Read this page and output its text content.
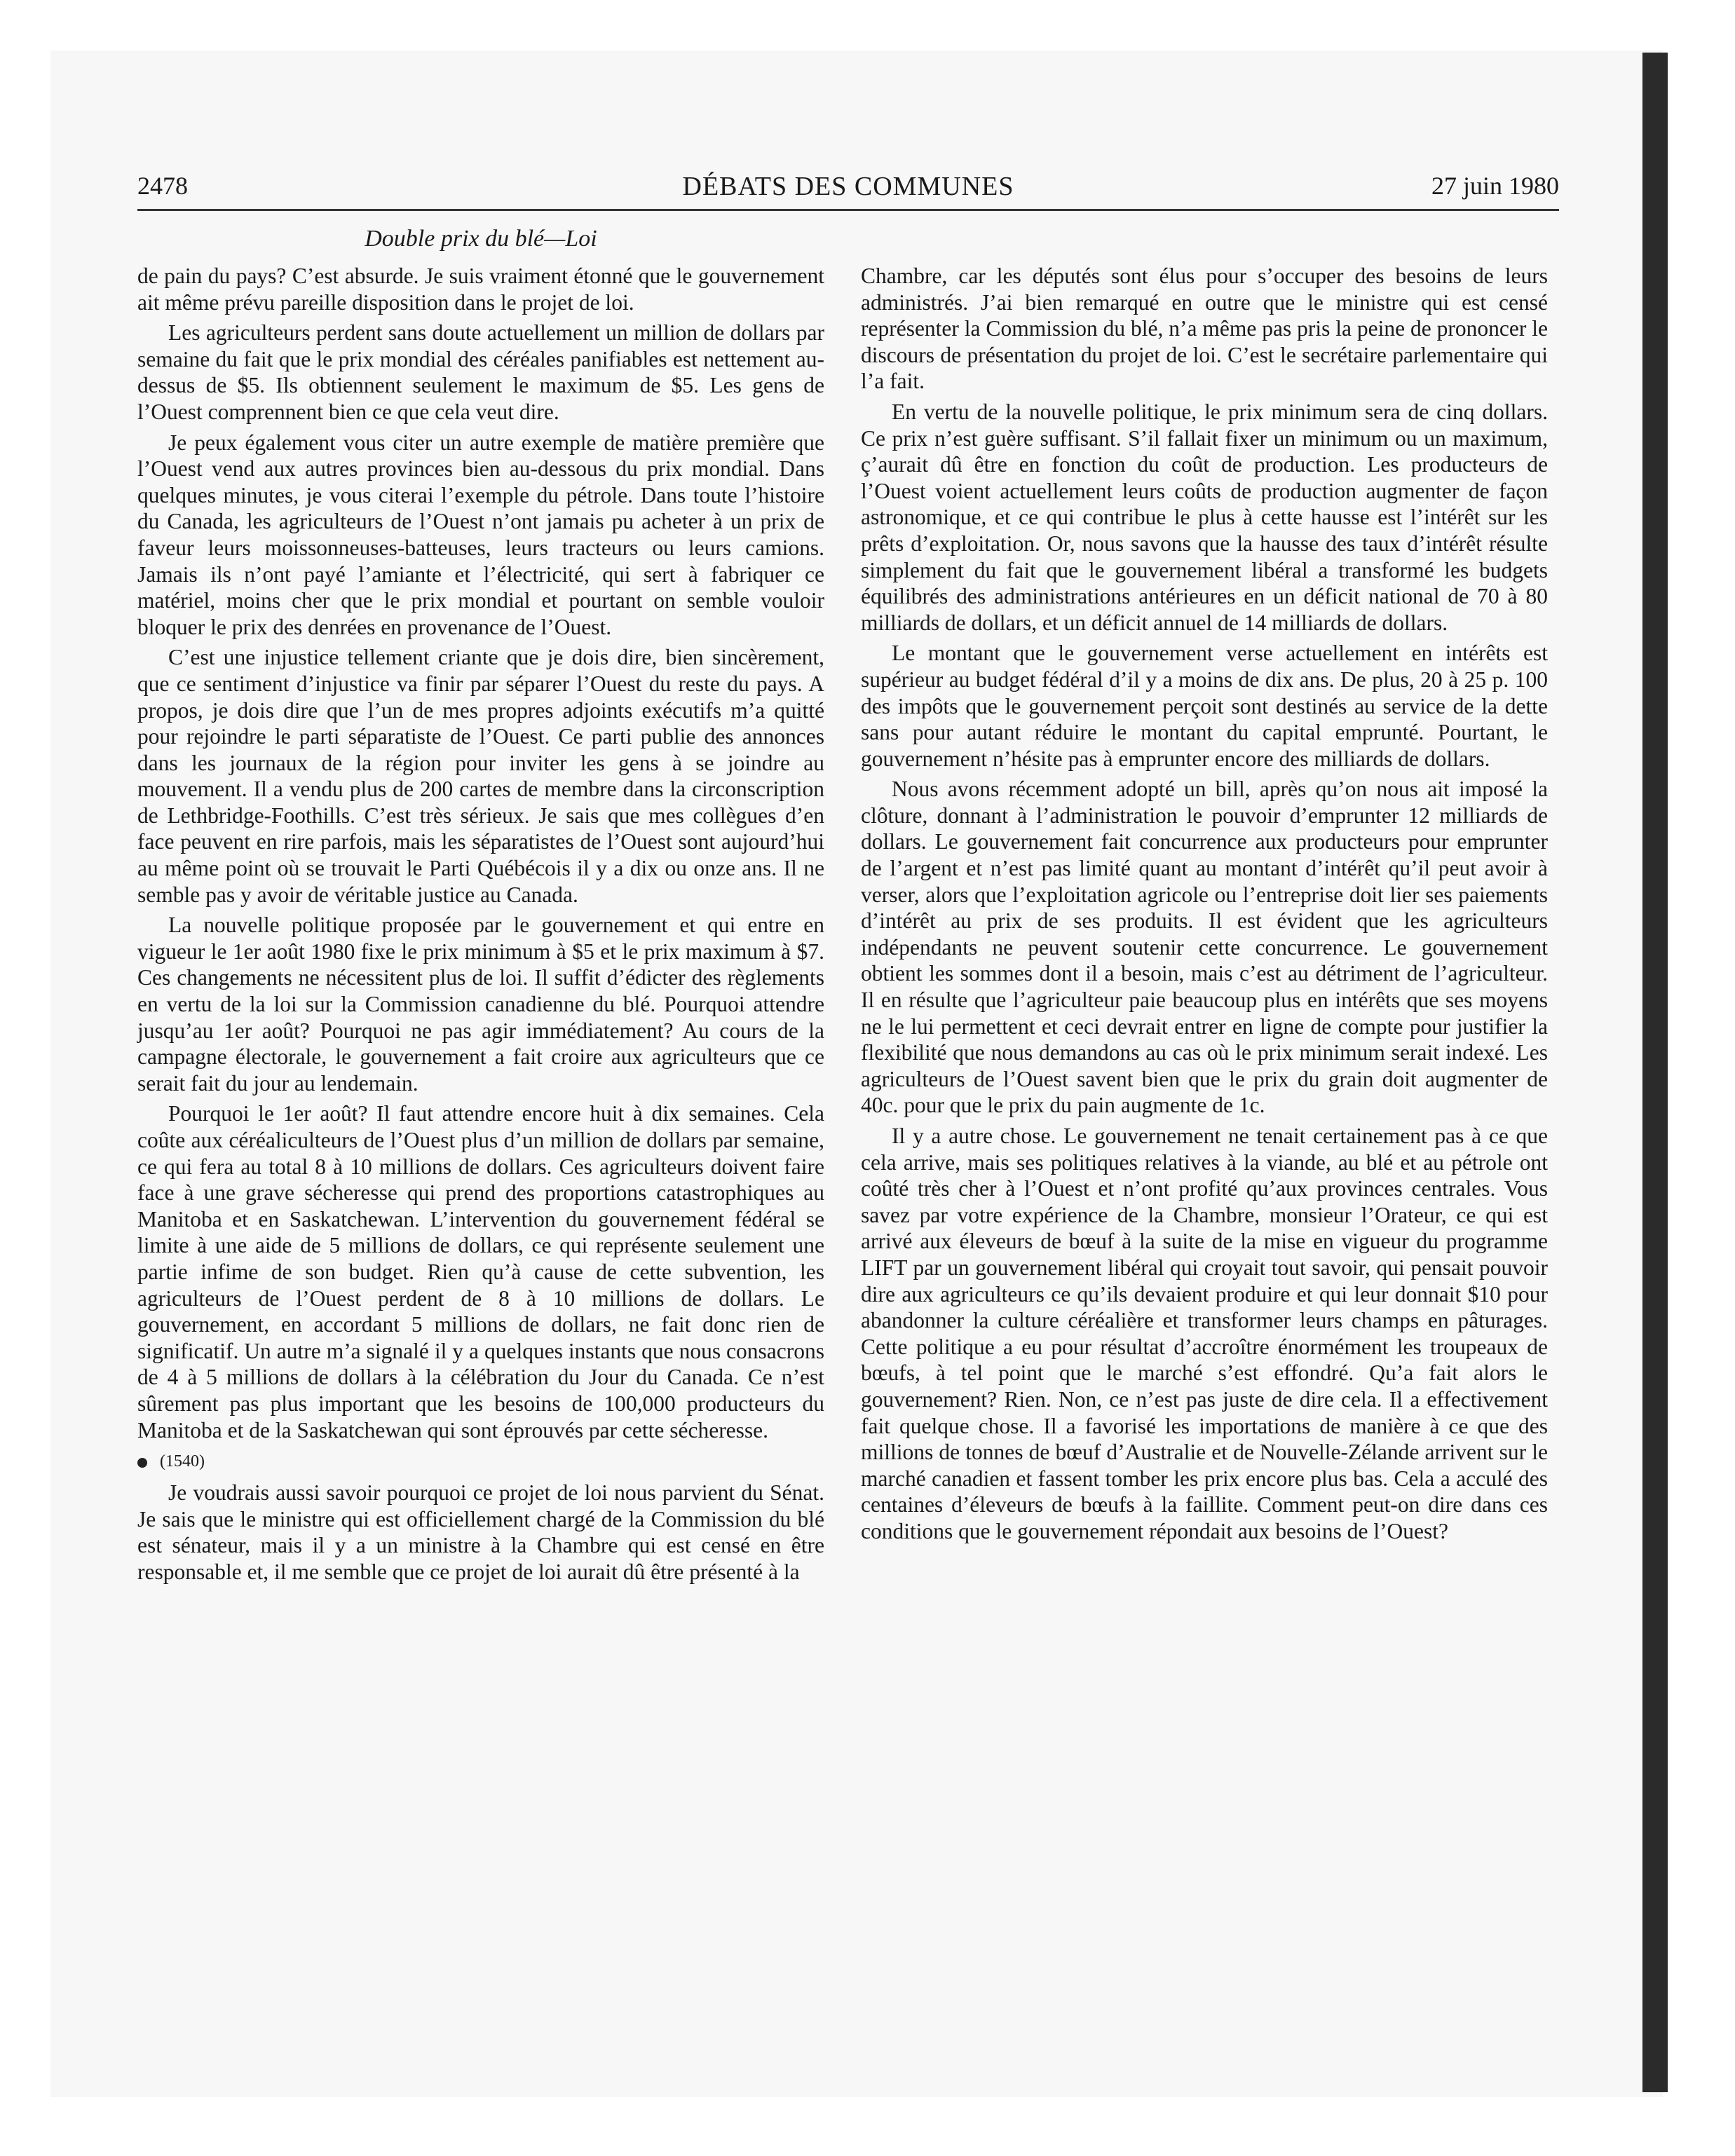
2478	DÉBATS DES COMMUNES	27 juin 1980
Double prix du blé—Loi

de pain du pays? C’est absurde. Je suis vraiment étonné que le gouvernement ait même prévu pareille disposition dans le projet de loi.

Les agriculteurs perdent sans doute actuellement un million de dollars par semaine du fait que le prix mondial des céréales panifiables est nettement au-dessus de $5. Ils obtiennent seulement le maximum de $5. Les gens de l’Ouest comprennent bien ce que cela veut dire.

Je peux également vous citer un autre exemple de matière première que l’Ouest vend aux autres provinces bien au-dessous du prix mondial. Dans quelques minutes, je vous citerai l’exemple du pétrole. Dans toute l’histoire du Canada, les agriculteurs de l’Ouest n’ont jamais pu acheter à un prix de faveur leurs moissonneuses-batteuses, leurs tracteurs ou leurs camions. Jamais ils n’ont payé l’amiante et l’électricité, qui sert à fabriquer ce matériel, moins cher que le prix mondial et pourtant on semble vouloir bloquer le prix des denrées en provenance de l’Ouest.

C’est une injustice tellement criante que je dois dire, bien sincèrement, que ce sentiment d’injustice va finir par séparer l’Ouest du reste du pays. A propos, je dois dire que l’un de mes propres adjoints exécutifs m’a quitté pour rejoindre le parti séparatiste de l’Ouest. Ce parti publie des annonces dans les journaux de la région pour inviter les gens à se joindre au mouvement. Il a vendu plus de 200 cartes de membre dans la circonscription de Lethbridge-Foothills. C’est très sérieux. Je sais que mes collègues d’en face peuvent en rire parfois, mais les séparatistes de l’Ouest sont aujourd’hui au même point où se trouvait le Parti Québécois il y a dix ou onze ans. Il ne semble pas y avoir de véritable justice au Canada.

La nouvelle politique proposée par le gouvernement et qui entre en vigueur le 1er août 1980 fixe le prix minimum à $5 et le prix maximum à $7. Ces changements ne nécessitent plus de loi. Il suffit d’édicter des règlements en vertu de la loi sur la Commission canadienne du blé. Pourquoi attendre jusqu’au 1er août? Pourquoi ne pas agir immédiatement? Au cours de la campagne électorale, le gouvernement a fait croire aux agriculteurs que ce serait fait du jour au lendemain.

Pourquoi le 1er août? Il faut attendre encore huit à dix semaines. Cela coûte aux céréaliculteurs de l’Ouest plus d’un million de dollars par semaine, ce qui fera au total 8 à 10 millions de dollars. Ces agriculteurs doivent faire face à une grave sécheresse qui prend des proportions catastrophiques au Manitoba et en Saskatchewan. L’intervention du gouvernement fédéral se limite à une aide de 5 millions de dollars, ce qui représente seulement une partie infime de son budget. Rien qu’à cause de cette subvention, les agriculteurs de l’Ouest perdent de 8 à 10 millions de dollars. Le gouvernement, en accordant 5 millions de dollars, ne fait donc rien de significatif. Un autre m’a signalé il y a quelques instants que nous consacrons de 4 à 5 millions de dollars à la célébration du Jour du Canada. Ce n’est sûrement pas plus important que les besoins de 100,000 producteurs du Manitoba et de la Saskatchewan qui sont éprouvés par cette sécheresse.

(1540)

Je voudrais aussi savoir pourquoi ce projet de loi nous parvient du Sénat. Je sais que le ministre qui est officiellement chargé de la Commission du blé est sénateur, mais il y a un ministre à la Chambre qui est censé en être responsable et, il me semble que ce projet de loi aurait dû être présenté à la

Chambre, car les députés sont élus pour s’occuper des besoins de leurs administrés. J’ai bien remarqué en outre que le ministre qui est censé représenter la Commission du blé, n’a même pas pris la peine de prononcer le discours de présentation du projet de loi. C’est le secrétaire parlementaire qui l’a fait.

En vertu de la nouvelle politique, le prix minimum sera de cinq dollars. Ce prix n’est guère suffisant. S’il fallait fixer un minimum ou un maximum, ç’aurait dû être en fonction du coût de production. Les producteurs de l’Ouest voient actuellement leurs coûts de production augmenter de façon astronomique, et ce qui contribue le plus à cette hausse est l’intérêt sur les prêts d’exploitation. Or, nous savons que la hausse des taux d’intérêt résulte simplement du fait que le gouvernement libéral a transformé les budgets équilibrés des administrations antérieures en un déficit national de 70 à 80 milliards de dollars, et un déficit annuel de 14 milliards de dollars.

Le montant que le gouvernement verse actuellement en intérêts est supérieur au budget fédéral d’il y a moins de dix ans. De plus, 20 à 25 p. 100 des impôts que le gouvernement perçoit sont destinés au service de la dette sans pour autant réduire le montant du capital emprunté. Pourtant, le gouvernement n’hésite pas à emprunter encore des milliards de dollars.

Nous avons récemment adopté un bill, après qu’on nous ait imposé la clôture, donnant à l’administration le pouvoir d’emprunter 12 milliards de dollars. Le gouvernement fait concurrence aux producteurs pour emprunter de l’argent et n’est pas limité quant au montant d’intérêt qu’il peut avoir à verser, alors que l’exploitation agricole ou l’entreprise doit lier ses paiements d’intérêt au prix de ses produits. Il est évident que les agriculteurs indépendants ne peuvent soutenir cette concurrence. Le gouvernement obtient les sommes dont il a besoin, mais c’est au détriment de l’agriculteur. Il en résulte que l’agriculteur paie beaucoup plus en intérêts que ses moyens ne le lui permettent et ceci devrait entrer en ligne de compte pour justifier la flexibilité que nous demandons au cas où le prix minimum serait indexé. Les agriculteurs de l’Ouest savent bien que le prix du grain doit augmenter de 40c. pour que le prix du pain augmente de 1c.

Il y a autre chose. Le gouvernement ne tenait certainement pas à ce que cela arrive, mais ses politiques relatives à la viande, au blé et au pétrole ont coûté très cher à l’Ouest et n’ont profité qu’aux provinces centrales. Vous savez par votre expérience de la Chambre, monsieur l’Orateur, ce qui est arrivé aux éleveurs de bœuf à la suite de la mise en vigueur du programme LIFT par un gouvernement libéral qui croyait tout savoir, qui pensait pouvoir dire aux agriculteurs ce qu’ils devaient produire et qui leur donnait $10 pour abandonner la culture céréalière et transformer leurs champs en pâturages. Cette politique a eu pour résultat d’accroître énormément les troupeaux de bœufs, à tel point que le marché s’est effondré. Qu’a fait alors le gouvernement? Rien. Non, ce n’est pas juste de dire cela. Il a effectivement fait quelque chose. Il a favorisé les importations de manière à ce que des millions de tonnes de bœuf d’Australie et de Nouvelle-Zélande arrivent sur le marché canadien et fassent tomber les prix encore plus bas. Cela a acculé des centaines d’éleveurs de bœufs à la faillite. Comment peut-on dire dans ces conditions que le gouvernement répondait aux besoins de l’Ouest?
